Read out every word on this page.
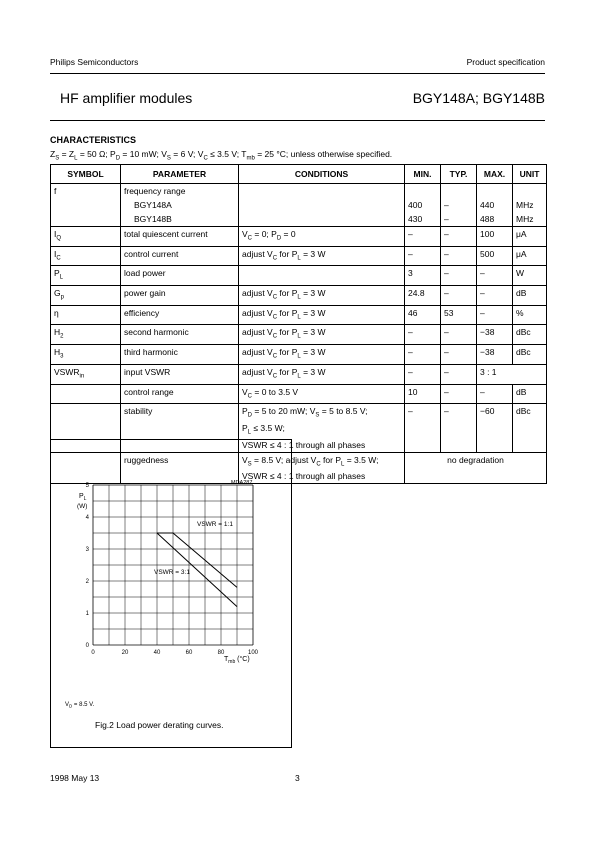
Philips Semiconductors	Product specification
HF amplifier modules	BGY148A; BGY148B
CHARACTERISTICS
$Z_S = Z_L = 50$ Ω; $P_D = 10$ mW; $V_S = 6$ V; $V_C \le 3.5$ V; $T_{mb} = 25$ °C; unless otherwise specified.
SYMBOL	PARAMETER	CONDITIONS	MIN.	TYP.	MAX.	UNIT
f	frequency range					

	BGY148A		400	–	440	MHz

	BGY148B		430	–	488	MHz
$I_Q$	total quiescent current	$V_C = 0$; $P_D = 0$	–	–	100	μA
$I_C$	control current	adjust $V_C$ for $P_L = 3$ W	–	–	500	μA
$P_L$	load power		3	–	–	W
$G_p$	power gain	adjust $V_C$ for $P_L = 3$ W	24.8	–	–	dB
η	efficiency	adjust $V_C$ for $P_L = 3$ W	46	53	–	%
$H_2$	second harmonic	adjust $V_C$ for $P_L = 3$ W	–	–	−38	dBc
$H_3$	third harmonic	adjust $V_C$ for $P_L = 3$ W	–	–	−38	dBc
$VSWR_{in}$	input VSWR	adjust $V_C$ for $P_L = 3$ W	–	–	3 : 1	
	control range	$V_C = 0$ to 3.5 V	10	–	–	dB
	stability	$P_D = 5$ to 20 mW; $V_S = 5$ to 8.5 V;
$P_L \le 3.5$ W;
VSWR ≤ 4 : 1 through all phases	–	–	−60	dBc
	ruggedness	$V_S = 8.5$ V; adjust $V_C$ for $P_L = 3.5$ W;
VSWR ≤ 4 : 1 through all phases	no degradation			
0	20	40	60	80	100
0
1
2
3
4
5	MDA287
$P_L$
(W)
$T_{mb}$ (°C)
VSWR = 1:1
VSWR = 3:1
$V_D = 8.5$ V.
Fig.2 Load power derating curves.
1998 May 13	3
